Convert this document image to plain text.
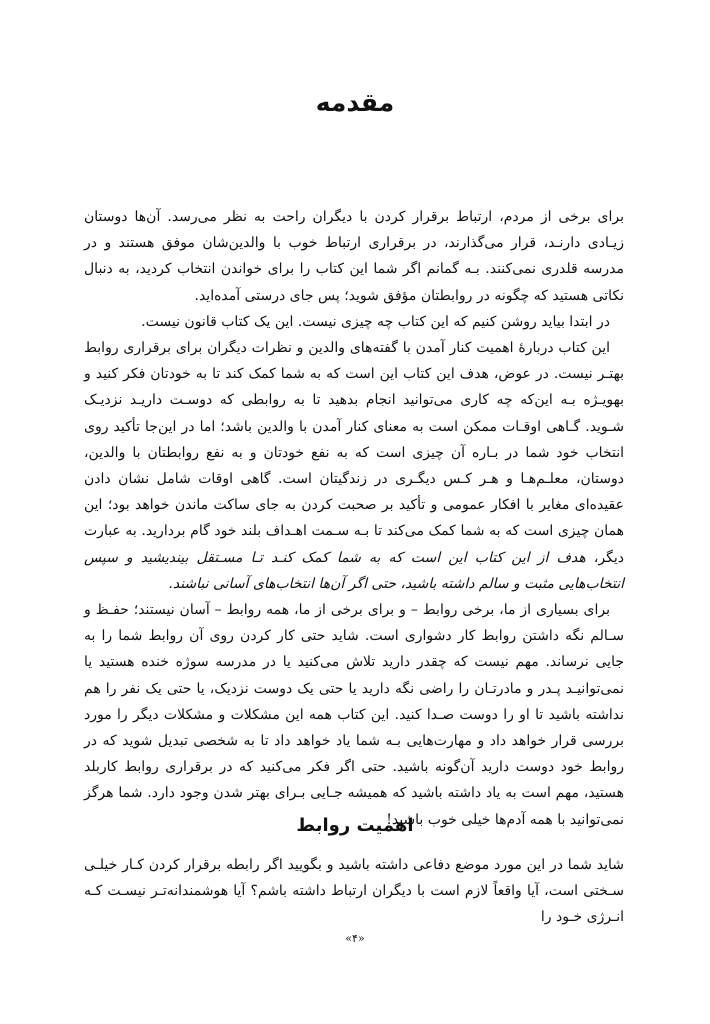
مقدمه

برای برخی از مردم، ارتباط برقرار کردن با دیگران راحت به نظر می‌رسد. آن‌ها دوستان زیـادی دارنـد، قرار می‌گذارند، در برقراری ارتباط خوب با والدین‌شان موفق هستند و در مدرسه قلدری نمی‌کنند. بـه گمانم اگر شما این کتاب را برای خواندن انتخاب کردید، به دنبال نکاتی هستید که چگونه در روابطتان مؤفق شوید؛ پس جای درستی آمده‌اید.

در ابتدا بیاید روشن کنیم که این کتاب چه چیزی نیست. این یک کتاب قانون نیست.

این کتاب دربارهٔ اهمیت کنار آمدن با گفته‌های والدین و نظرات دیگران برای برقراری روابط بهتـر نیست. در عوض، هدف این کتاب این است که به شما کمک کند تا به خودتان فکر کنید و بهویـژه بـه این‌که چه کاری می‌توانید انجام بدهید تا به روابطی که دوسـت داریـد نزدیـک شـوید. گـاهی اوقـات ممکن است به معنای کنار آمدن با والدین باشد؛ اما در این‌جا تأکید روی انتخاب خود شما در بـاره آن چیزی است که به نفع خودتان و به نفع روابطتان با والدین، دوستان، معلـم‌هـا و هـر کـس دیگـری در زندگیتان است. گاهی اوقات شامل نشان دادن عقیده‌ای مغایر با افکار عمومی و تأکید بر صحبت کردن به جای ساکت ماندن خواهد بود؛ این همان چیزی است که به شما کمک می‌کند تا بـه سـمت اهـداف بلند خود گام بردارید. به عبارت دیگر، هدف از این کتاب این است که به شما کمک کنـد تـا مسـتقل بیندیشید و سپس انتخاب‌هایی مثبت و سالم داشته باشید، حتی اگر آن‌ها انتخاب‌های آسانی نباشند.

برای بسیاری از ما، برخی روابط – و برای برخی از ما، همه روابط – آسان نیستند؛ حفـظ و سـالم نگه داشتن روابط کار دشواری است. شاید حتی کار کردن روی آن روابط شما را به جایی نرساند. مهم نیست که چقدر دارید تلاش می‌کنید یا در مدرسه سوژه خنده هستید یا نمی‌توانیـد پـدر و مادرتـان را راضی نگه دارید یا حتی یک دوست نزدیک، یا حتی یک نفر را هم نداشته باشید تا او را دوست صـدا کنید. این کتاب همه این مشکلات و مشکلات دیگر را مورد بررسی قرار خواهد داد و مهارت‌هایی بـه شما یاد خواهد داد تا به شخصی تبدیل شوید که در روابط خود دوست دارید آن‌گونه باشید. حتی اگر فکر می‌کنید که در برقراری روابط کاربلد هستید، مهم است به یاد داشته باشید که همیشه جـایی بـرای بهتر شدن وجود دارد. شما هرگز نمی‌توانید با همه آدم‌ها خیلی خوب باشید!

اهمیت روابط

شاید شما در این مورد موضع دفاعی داشته باشید و بگویید اگر رابطه برقرار کردن کـار خیلـی سـختی است، آیا واقعاً لازم است با دیگران ارتباط داشته باشم؟ آیا هوشمندانه‌تـر نیسـت کـه انـرژی خـود را

«۴»
